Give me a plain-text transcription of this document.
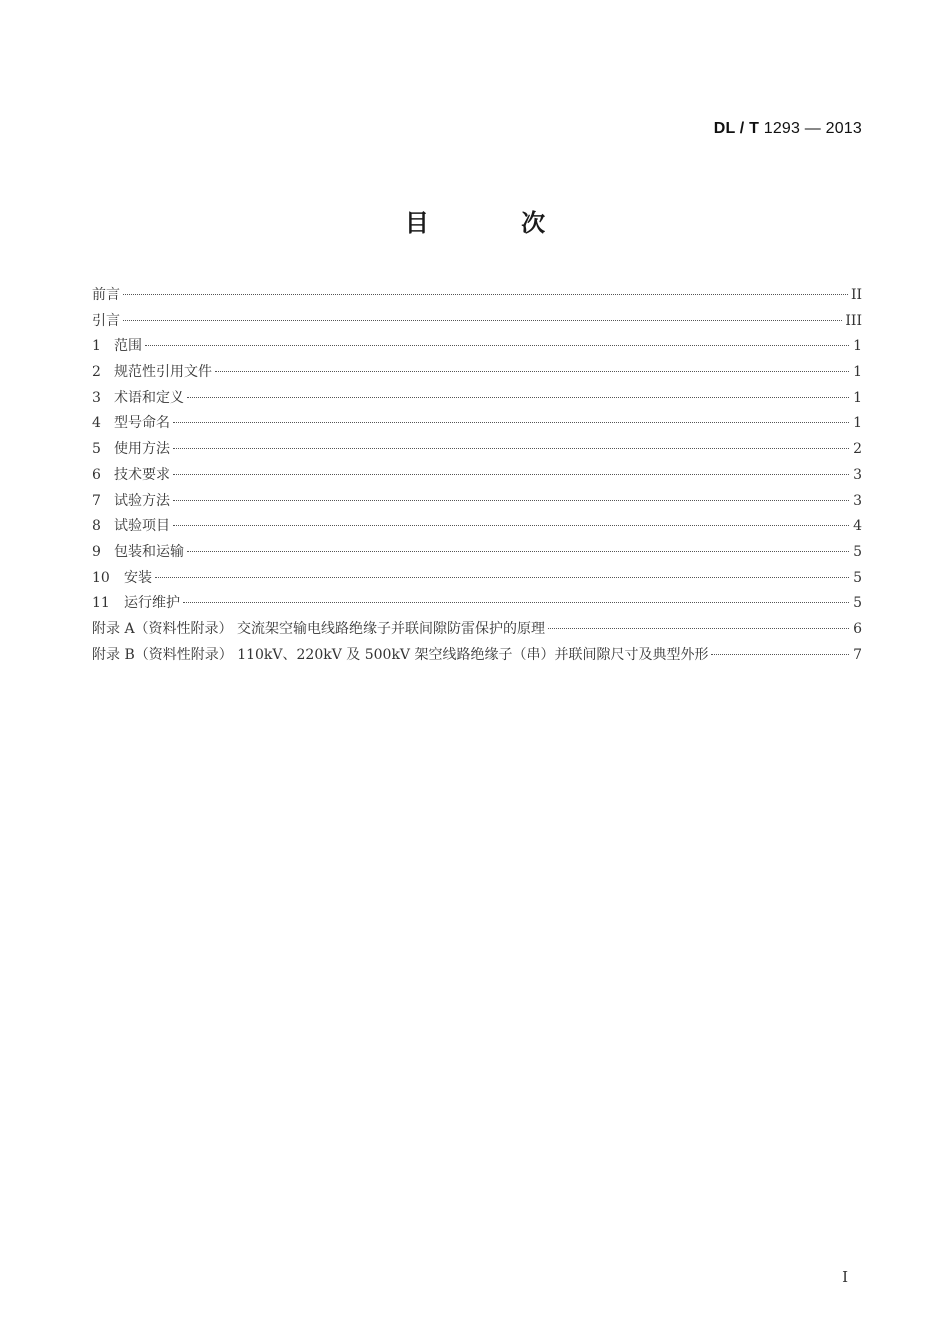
DL / T 1293 — 2013
目 次
前言	II
引言	III
1 范围	1
2 规范性引用文件	1
3 术语和定义	1
4 型号命名	1
5 使用方法	2
6 技术要求	3
7 试验方法	3
8 试验项目	4
9 包装和运输	5
10	安装	5
11	运行维护	5
附录 A（资料性附录） 交流架空输电线路绝缘子并联间隙防雷保护的原理	6
附录 B（资料性附录） 110kV、220kV 及 500kV 架空线路绝缘子（串）并联间隙尺寸及典型外形	7
I
